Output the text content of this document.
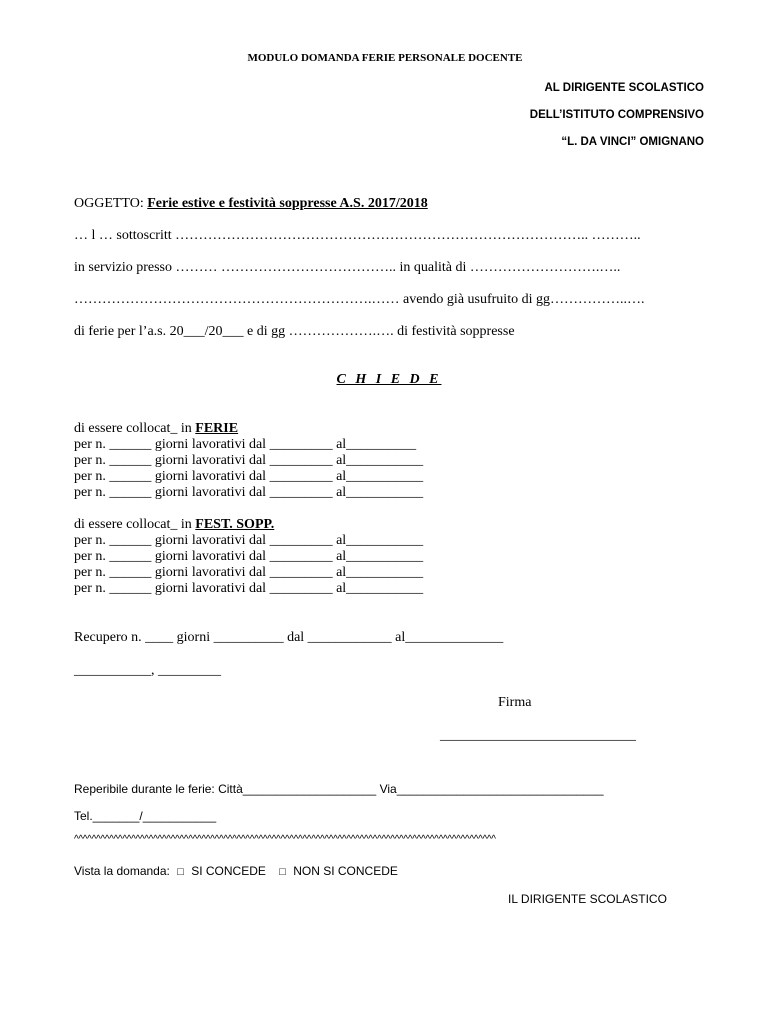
MODULO DOMANDA FERIE PERSONALE DOCENTE
AL DIRIGENTE SCOLASTICO
DELL’ISTITUTO COMPRENSIVO
“L. DA VINCI” OMIGNANO
OGGETTO: Ferie estive e festività soppresse A.S. 2017/2018
… l … sottoscritt …………………………………………………………………………….. ………..
in servizio presso ……… ……………………………….. in qualità di ……………………….…..
……………………………………………………….…… avendo già usufruito di gg……………..….
di ferie per l’a.s. 20___/20___ e di gg ……………….…. di festività soppresse
C H I E D E
di essere collocat_ in FERIE
per n. ______ giorni lavorativi dal _________ al__________
per n. ______ giorni lavorativi dal _________ al___________
per n. ______ giorni lavorativi dal _________ al___________
per n. ______ giorni lavorativi dal _________ al___________
di essere collocat_ in FEST. SOPP.
per n. ______ giorni lavorativi dal _________ al___________
per n. ______ giorni lavorativi dal _________ al___________
per n. ______ giorni lavorativi dal _________ al___________
per n. ______ giorni lavorativi dal _________ al___________
Recupero n. ____ giorni __________ dal ____________ al______________
___________, _________
Firma
____________________________
Reperibile durante le ferie: Città____________________ Via_______________________________
Tel._______/___________
^^^^^^^^^^^^^^^^^^^^^^^^^^^^^^^^^^^^^^^^^^^^^^^^^^^^^^^^^^^^^^^^^^^^^^^^^^^^^^^^^^^^^^^^^^^^^^^^
Vista la domanda: □ SI CONCEDE □ NON SI CONCEDE
IL DIRIGENTE SCOLASTICO
